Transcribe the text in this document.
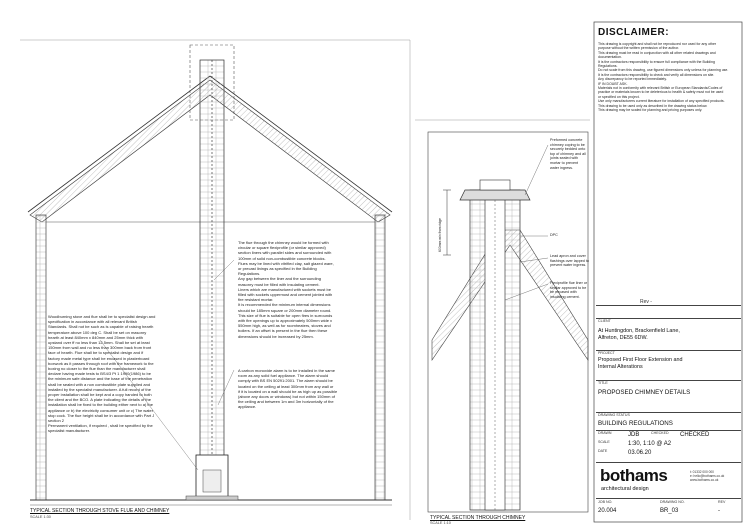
The flue through the chimney would be formed with
circular or square flexiprofile (or similar approved)
section liners with parallel sides and surrounded with
100mm of solid non-combustible concrete blocks.
Flues may be lined with vitrified clay, salt glazed ware,
or precast linings as specified in the Building
Regulations.
Any gap between the liner and the surrounding
masonry must be filled with insulating cement.
Liners which are manufactured with sockets must be
filled with sockets uppermost and cement jointed with
fire resistant mortar.
It is recommended the minimum internal dimensions
should be 185mm square or 200mm diameter round.
This size of flue is suitable for open fires in surrounds
with fire openings up to approximately 500mm wide x
550mm high, as well as for roomheaters, stoves and
boilers. If an offset is present in the flue then these
dimensions should be increased by 25mm.
Woodburning stove and flue shall be to specialist design and
specification in accordance with all relevant British
Standards. Shall not be such as is capable of raising hearth
temperature above 100 deg C. Shall be set on masonry
hearth at least 840mm x 840mm and 25mm thick with
upstand over ff no less than 12.5mm. Shall be set at least
150mm from wall and no less than 300mm back from front
face of hearth. Flue shall be to specialist design and if
factory made metal type shall be encased in plasterboard
boxwork as it passes through roof with the framework to the
boxing no closer to the flue than the manufacturer shall
declare having made tests to BS4/3 Pt 1 1990(1986) to be
the minimum safe distance and the base of the penetration
shall be sealed with a non combustible plate supplied and
installed by the specialist manufacturer. A full record of the
proper installation shall be kept and a copy handed to both
the client and the BCO. A plate indicating the details of the
installation shall be fixed to the building either next to a) the
appliance or b) the electricity consumer unit or c) The water
stop cock. The flue height shall be in accordance with Part J
section 2
Permanent ventilation, if required , shall be specified by the
specialist manufacturer.
A carbon monoxide alarm is to be installed in the same
room as any solid fuel appliance. The alarm should
comply with BS EN 50291:2001. The alarm should be
located on the ceiling at least 300mm from any wall or
if it is located on a wall should be as high up as possible
(above any doors or windows) but not within 150mm of
the ceiling and between 1m and 3m horizontally of the
appliance.
TYPICAL SECTION THROUGH STOVE FLUE AND CHIMNEY
SCALE 1:30
Preformed concrete
chimney coping to be
securely bedded onto
top of chimney and all
joints sealed with
mortar to prevent
water ingress.
DPC
Lead apron and cover
flashings over lapped to
prevent water ingress.
Flexiprofile flue liner or
similar approved to be
be encased with
insulating cement.
600mm min from ridge
TYPICAL SECTION THROUGH CHIMNEY
SCALE 1:10
DISCLAIMER:
This drawing is copyright and shall not be reproduced nor used for any other
purpose without the written permission of the author.
This drawing must be read in conjunction with all other related drawings and
documentation.
It is the contractors responsibility to ensure full compliance with the Building
Regulations.
Do not scale from this drawing, use figured dimensions only unless for planning use.
It is the contractors responsibility to check and verify all dimensions on site.
Any discrepancy to be reported immediately.
IF IN DOUBT ASK.
Materials not in conformity with relevant British or European Standards/Codes of
practice or materials known to be deleterious to health & safety must not be used
or specified on this project.
Use only manufacturers current literature for installation of any specified products.
This drawing to be used only as described in the drawing status below.
This drawing may be scaled for planning and pricing purposes only.
Rev -
CLIENT
At Huntingdon, Brackenfield Lane,
Alfreton, DE55 6DW.
PROJECT
Proposed First Floor Extension and
Internal Alterations
TITLE
PROPOSED CHIMNEY DETAILS
DRAWING STATUS
BUILDING REGULATIONS
DRAWN	JDB	CHECKED CHECKED
SCALE	1:30, 1:10 @ A2
DATE	03.06.20
bothams
architectural design
t: 01332 000 000
e: hello@bothams.co.uk
www.bothams.co.uk
JOB NO.
20.004
DRAWING NO.
BR_03
REV
-
